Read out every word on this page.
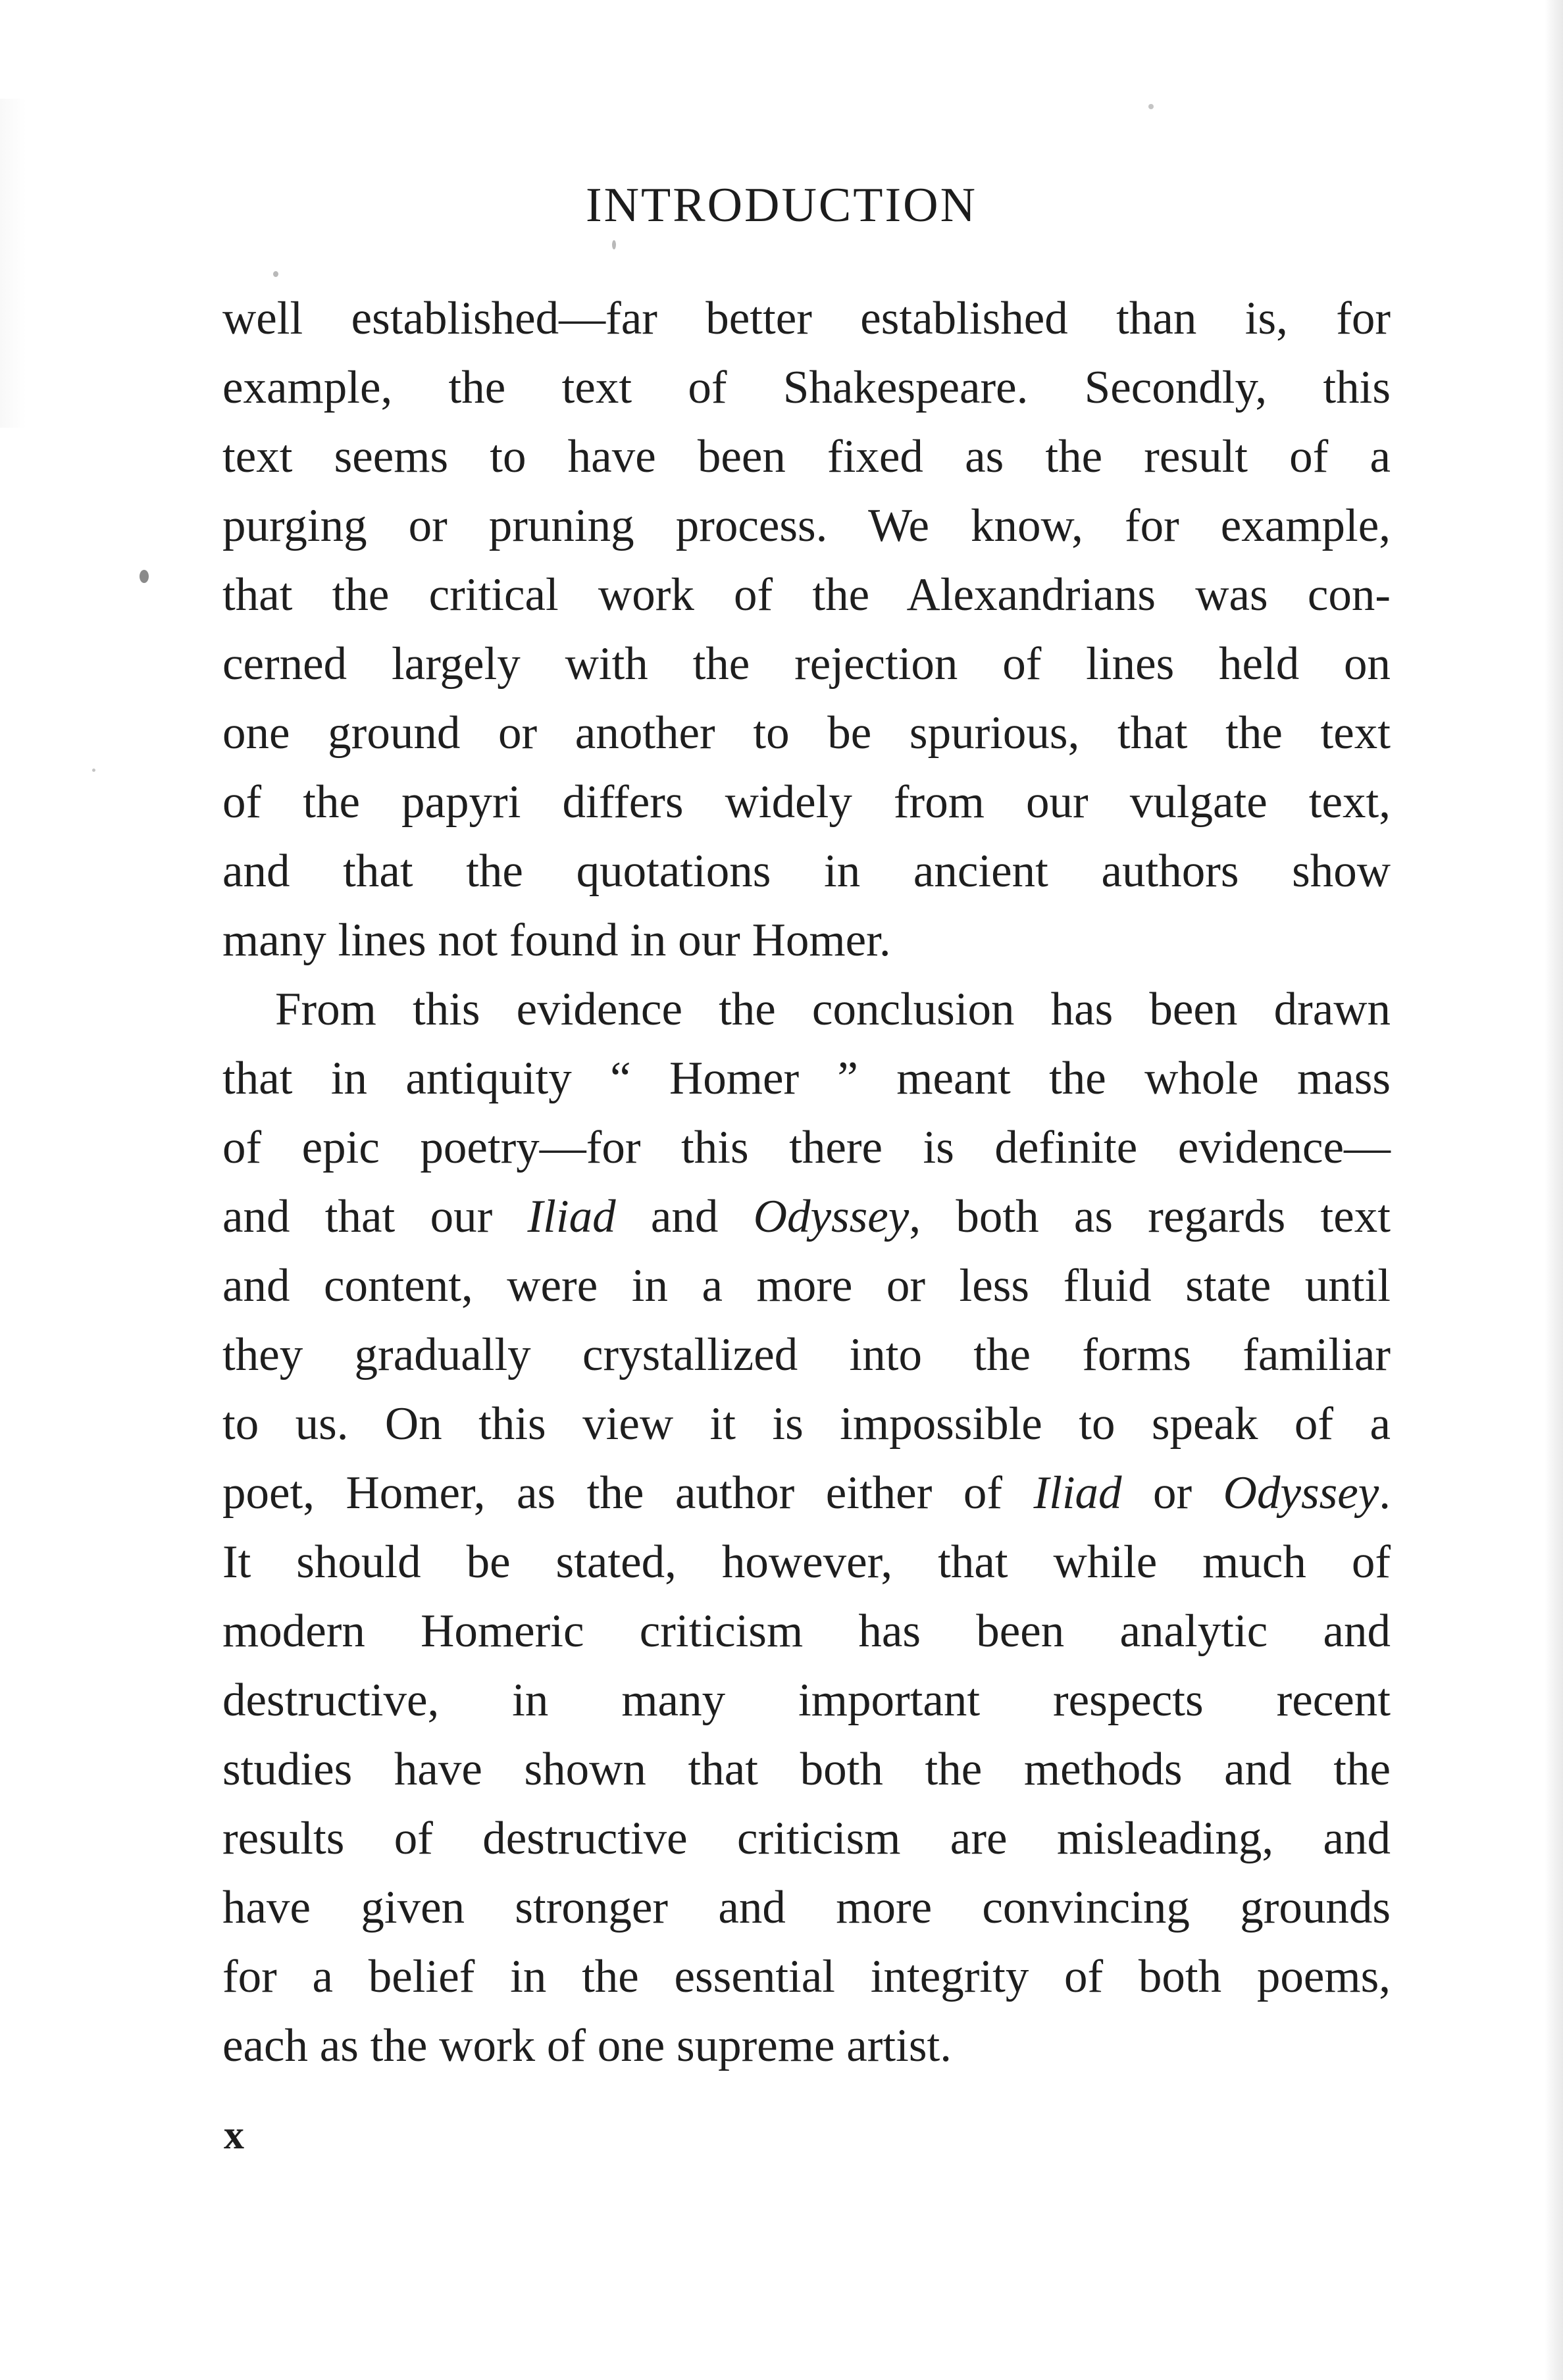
INTRODUCTION
well established—far better established than is, for
example, the text of Shakespeare. Secondly, this
text seems to have been fixed as the result of a
purging or pruning process. We know, for example,
that the critical work of the Alexandrians was con-
cerned largely with the rejection of lines held on
one ground or another to be spurious, that the text
of the papyri differs widely from our vulgate text,
and that the quotations in ancient authors show
many lines not found in our Homer.
From this evidence the conclusion has been drawn
that in antiquity “ Homer ” meant the whole mass
of epic poetry—for this there is definite evidence—
and that our Iliad and Odyssey, both as regards text
and content, were in a more or less fluid state until
they gradually crystallized into the forms familiar
to us. On this view it is impossible to speak of a
poet, Homer, as the author either of Iliad or Odyssey.
It should be stated, however, that while much of
modern Homeric criticism has been analytic and
destructive, in many important respects recent
studies have shown that both the methods and the
results of destructive criticism are misleading, and
have given stronger and more convincing grounds
for a belief in the essential integrity of both poems,
each as the work of one supreme artist.
x
